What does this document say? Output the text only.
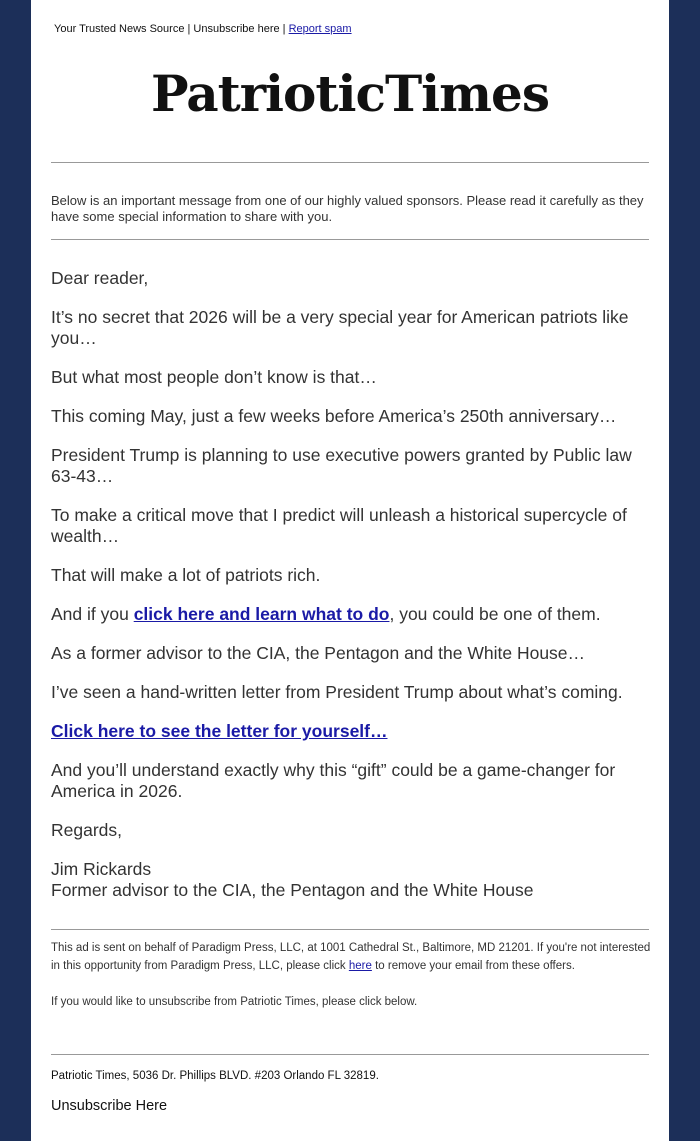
Your Trusted News Source | Unsubscribe here | Report spam
PatrioticTimes
Below is an important message from one of our highly valued sponsors. Please read it carefully as they have some special information to share with you.

Dear reader,

It’s no secret that 2026 will be a very special year for American patriots like you…

But what most people don’t know is that…

This coming May, just a few weeks before America’s 250th anniversary…

President Trump is planning to use executive powers granted by Public law 63-43…

To make a critical move that I predict will unleash a historical supercycle of wealth…

That will make a lot of patriots rich.

And if you click here and learn what to do, you could be one of them.

As a former advisor to the CIA, the Pentagon and the White House…

I’ve seen a hand-written letter from President Trump about what’s coming.

Click here to see the letter for yourself…

And you’ll understand exactly why this “gift” could be a game-changer for America in 2026.

Regards,

Jim Rickards
Former advisor to the CIA, the Pentagon and the White House

This ad is sent on behalf of Paradigm Press, LLC, at 1001 Cathedral St., Baltimore, MD 21201. If you're not interested in this opportunity from Paradigm Press, LLC, please click here to remove your email from these offers.

If you would like to unsubscribe from Patriotic Times, please click below.

Patriotic Times, 5036 Dr. Phillips BLVD. #203 Orlando FL 32819.
Unsubscribe Here
